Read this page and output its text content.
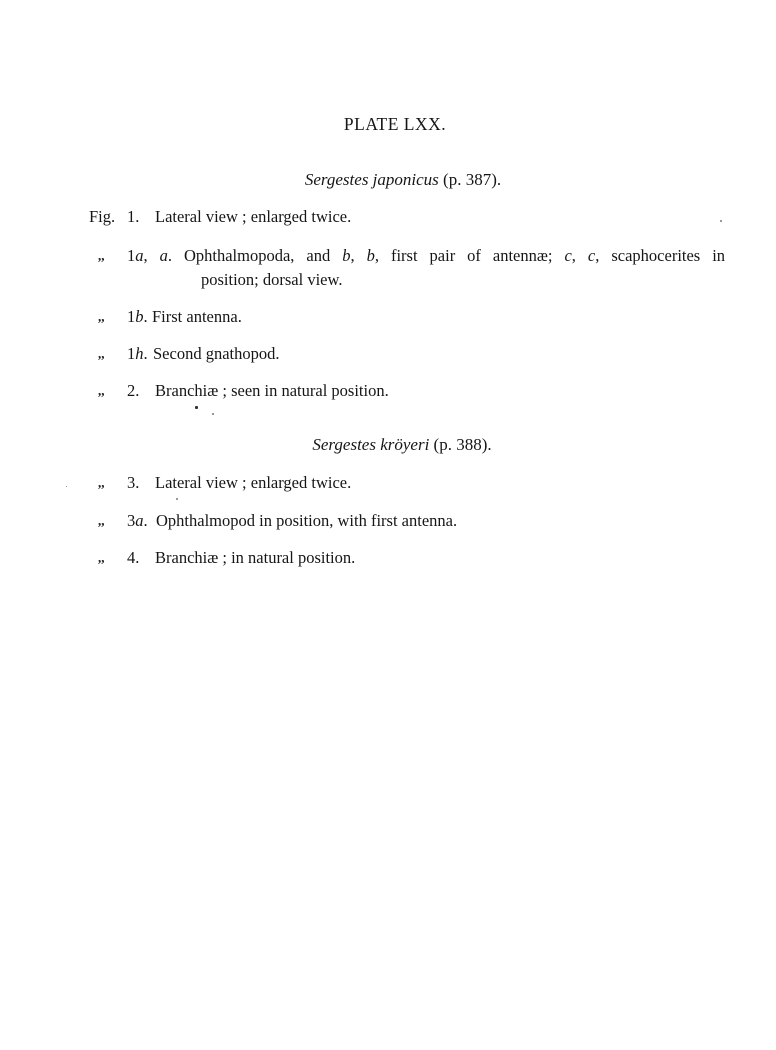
PLATE LXX.
Sergestes japonicus (p. 387).
Fig. 1. Lateral view ; enlarged twice.
,,	1a, a. Ophthalmopoda, and b, b, first pair of antennæ; c, c, scaphocerites in
position; dorsal view.
,,	1b. First antenna.
,,	1h. Second gnathopod.
,,	2. Branchiæ ; seen in natural position.
Sergestes kröyeri (p. 388).
,,	3. Lateral view ; enlarged twice.
,,	3a. Ophthalmopod in position, with first antenna.
,,	4. Branchiæ ; in natural position.
